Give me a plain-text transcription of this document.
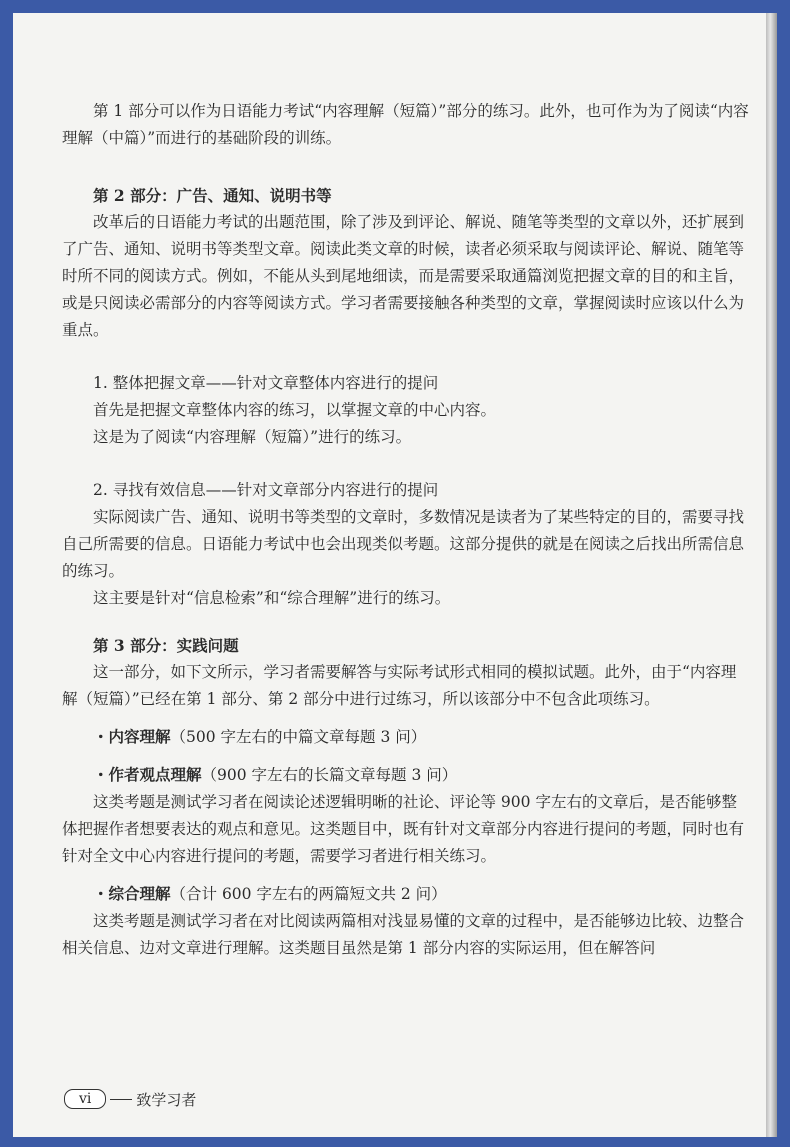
第 1 部分可以作为日语能力考试“内容理解（短篇）”部分的练习。此外，也可作为为了阅读“内容理解（中篇）”而进行的基础阶段的训练。

第 2 部分：广告、通知、说明书等

改革后的日语能力考试的出题范围，除了涉及到评论、解说、随笔等类型的文章以外，还扩展到了广告、通知、说明书等类型文章。阅读此类文章的时候，读者必须采取与阅读评论、解说、随笔等时所不同的阅读方式。例如，不能从头到尾地细读，而是需要采取通篇浏览把握文章的目的和主旨，或是只阅读必需部分的内容等阅读方式。学习者需要接触各种类型的文章，掌握阅读时应该以什么为重点。

1. 整体把握文章——针对文章整体内容进行的提问

首先是把握文章整体内容的练习，以掌握文章的中心内容。

这是为了阅读“内容理解（短篇）”进行的练习。

2. 寻找有效信息——针对文章部分内容进行的提问

实际阅读广告、通知、说明书等类型的文章时，多数情况是读者为了某些特定的目的，需要寻找自己所需要的信息。日语能力考试中也会出现类似考题。这部分提供的就是在阅读之后找出所需信息的练习。

这主要是针对“信息检索”和“综合理解”进行的练习。

第 3 部分：实践问题

这一部分，如下文所示，学习者需要解答与实际考试形式相同的模拟试题。此外，由于“内容理解（短篇）”已经在第 1 部分、第 2 部分中进行过练习，所以该部分中不包含此项练习。

・内容理解（500 字左右的中篇文章每题 3 问）
・作者观点理解（900 字左右的长篇文章每题 3 问）

这类考题是测试学习者在阅读论述逻辑明晰的社论、评论等 900 字左右的文章后，是否能够整体把握作者想要表达的观点和意见。这类题目中，既有针对文章部分内容进行提问的考题，同时也有针对全文中心内容进行提问的考题，需要学习者进行相关练习。

・综合理解（合计 600 字左右的两篇短文共 2 问）

这类考题是测试学习者在对比阅读两篇相对浅显易懂的文章的过程中，是否能够边比较、边整合相关信息、边对文章进行理解。这类题目虽然是第 1 部分内容的实际运用，但在解答问

vi	致学习者
